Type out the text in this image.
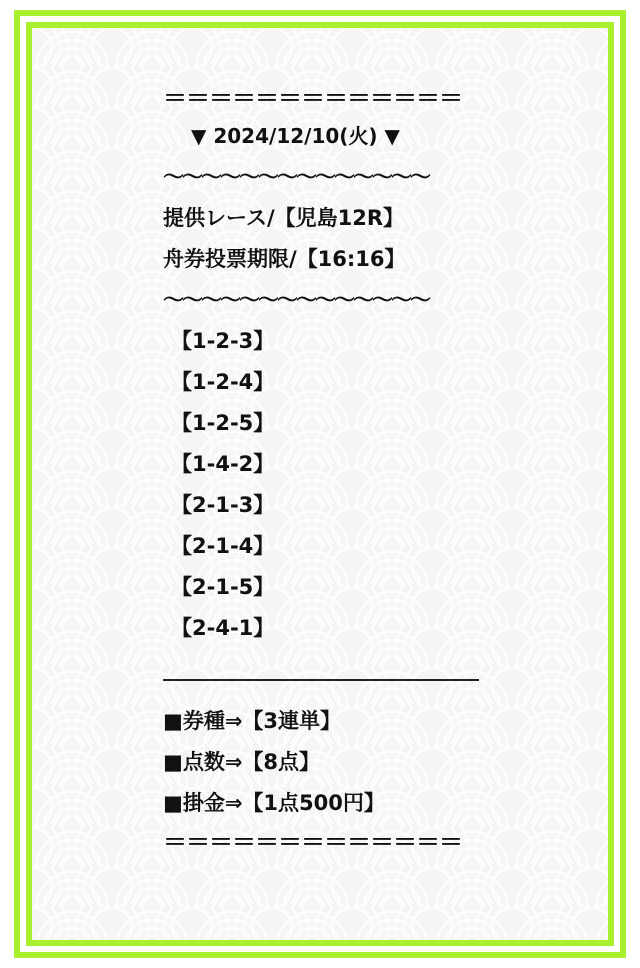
＝＝＝＝＝＝＝＝＝＝＝＝＝
▼ 2024/12/10(火) ▼
〜〜〜〜〜〜〜〜〜〜〜〜〜〜
提供レース/【児島12R】
舟券投票期限/【16:16】
〜〜〜〜〜〜〜〜〜〜〜〜〜〜
【1-2-3】
【1-2-4】
【1-2-5】
【1-4-2】
【2-1-3】
【2-1-4】
【2-1-5】
【2-4-1】
■券種⇒【3連単】
■点数⇒【8点】
■掛金⇒【1点500円】
＝＝＝＝＝＝＝＝＝＝＝＝＝
